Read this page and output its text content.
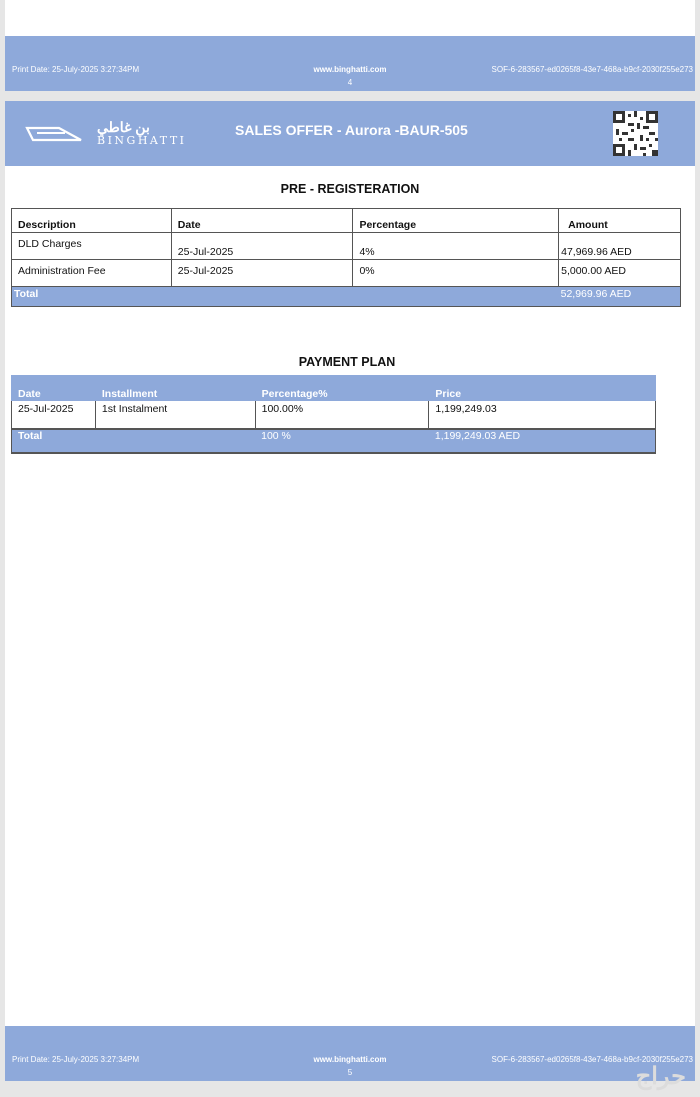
Print Date: 25-July-2025 3:27:34PM	www.binghatti.com
4
SOF-6-283567-ed0265f8-43e7-468a-b9cf-2030f255e273
بن غاطي
BINGHATTI
SALES OFFER - Aurora -BAUR-505
PRE - REGISTERATION
Description	Date	Percentage	Amount
DLD Charges	25-Jul-2025	4%	47,969.96 AED
Administration Fee	25-Jul-2025	0%	5,000.00 AED
Total			52,969.96 AED
PAYMENT PLAN
Date	Installment	Percentage%	Price
25-Jul-2025	1st Instalment	100.00%	1,199,249.03
Total		100 %	1,199,249.03 AED
Print Date: 25-July-2025 3:27:34PM	www.binghatti.com
5
SOF-6-283567-ed0265f8-43e7-468a-b9cf-2030f255e273
حراج
